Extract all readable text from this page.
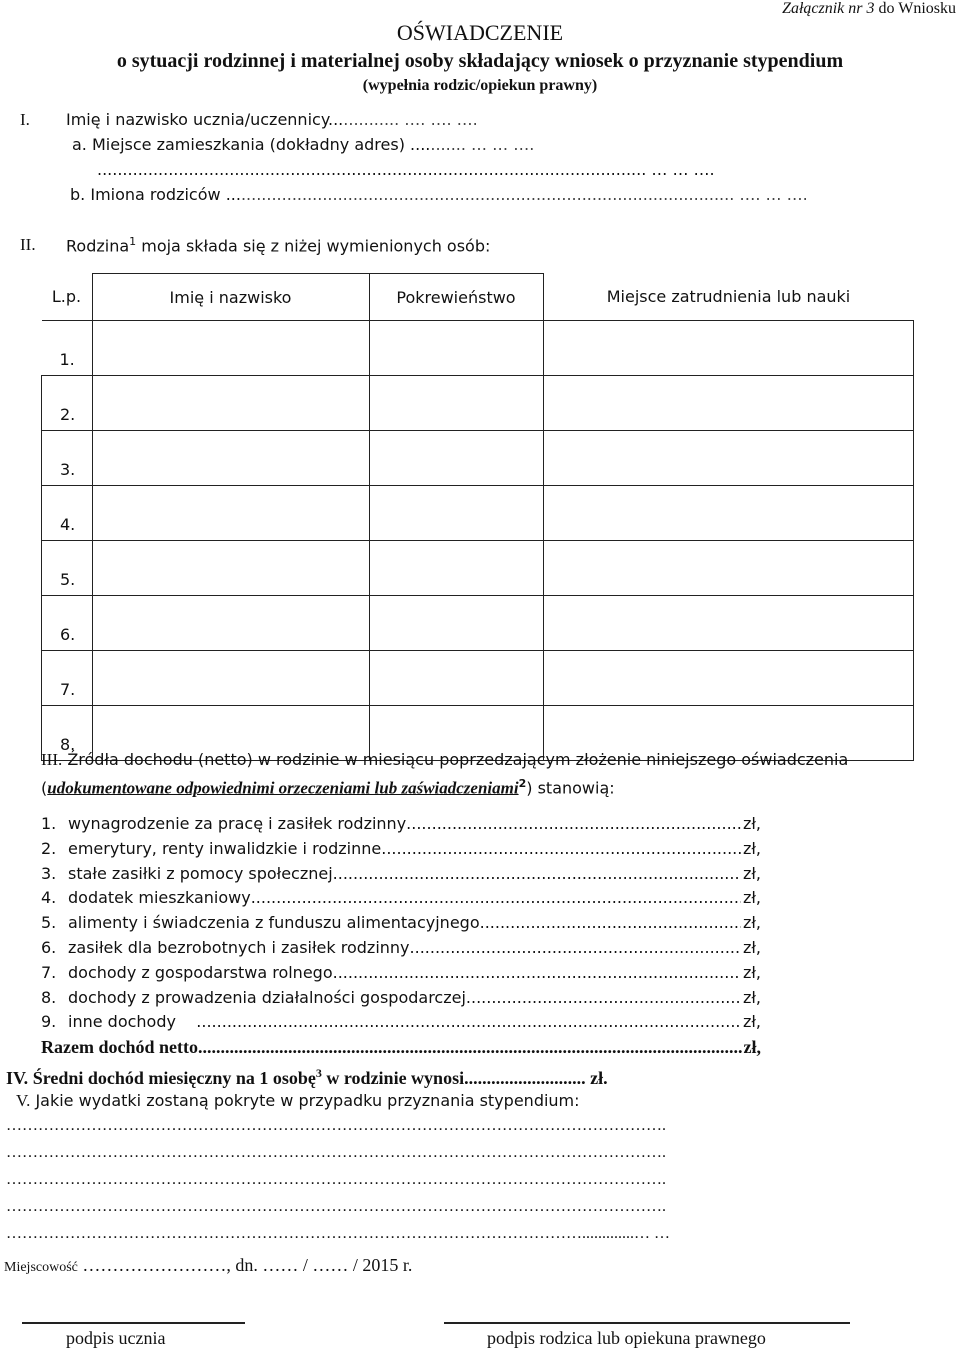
Załącznik nr 3 do Wniosku
OŚWIADCZENIE
o sytuacji rodzinnej i materialnej osoby składający wniosek o przyznanie stypendium
(wypełnia rodzic/opiekun prawny)
I. Imię i nazwisko ucznia/uczennicy.............. …. …. ….
a. Miejsce zamieszkania (dokładny adres) ........... … … ….
............................................................................................................ … … ….
b. Imiona rodziców .................................................................................................... …. … ….
II. Rodzina$^1$ moja składa się z niżej wymienionych osób:
L.p.	Imię i nazwisko	Pokrewieństwo	Miejsce zatrudnienia lub nauki
1.			
2.			
3.			
4.			
5.			
6.			
7.			
8.			
III. Źródła dochodu (netto) w rodzinie w miesiącu poprzedzającym złożenie niniejszego oświadczenia
(udokumentowane odpowiednimi orzeczeniami lub zaświadczeniami$^2$) stanowią:
1. wynagrodzenie za pracę i zasiłek rodzinny .....	zł,
2. emerytury, renty inwalidzkie i rodzinne .....	zł,
3. stałe zasiłki z pomocy społecznej .....	zł,
4. dodatek mieszkaniowy .....	zł,
5. alimenty i świadczenia z funduszu alimentacyjnego .....	zł,
6. zasiłek dla bezrobotnych i zasiłek rodzinny .....	zł,
7. dochody z gospodarstwa rolnego .....	zł,
8. dochody z prowadzenia działalności gospodarczej .....	zł,
9. inne dochody .....	zł,
Razem dochód netto .....	zł,
IV. Średni dochód miesięczny na 1 osobę$^3$ w rodzinie wynosi........................... zł.
V. Jakie wydatki zostaną pokryte w przypadku przyznania stypendium:
…………………………………………………………………………………………………………….
…………………………………………………………………………………………………………….
…………………………………………………………………………………………………………….
…………………………………………………………………………………………………………….
……………………………………………………………………………………………….............… …
Miejscowość ……………………, dn. …… / …… / 2015 r.
podpis ucznia	podpis rodzica lub opiekuna prawnego
